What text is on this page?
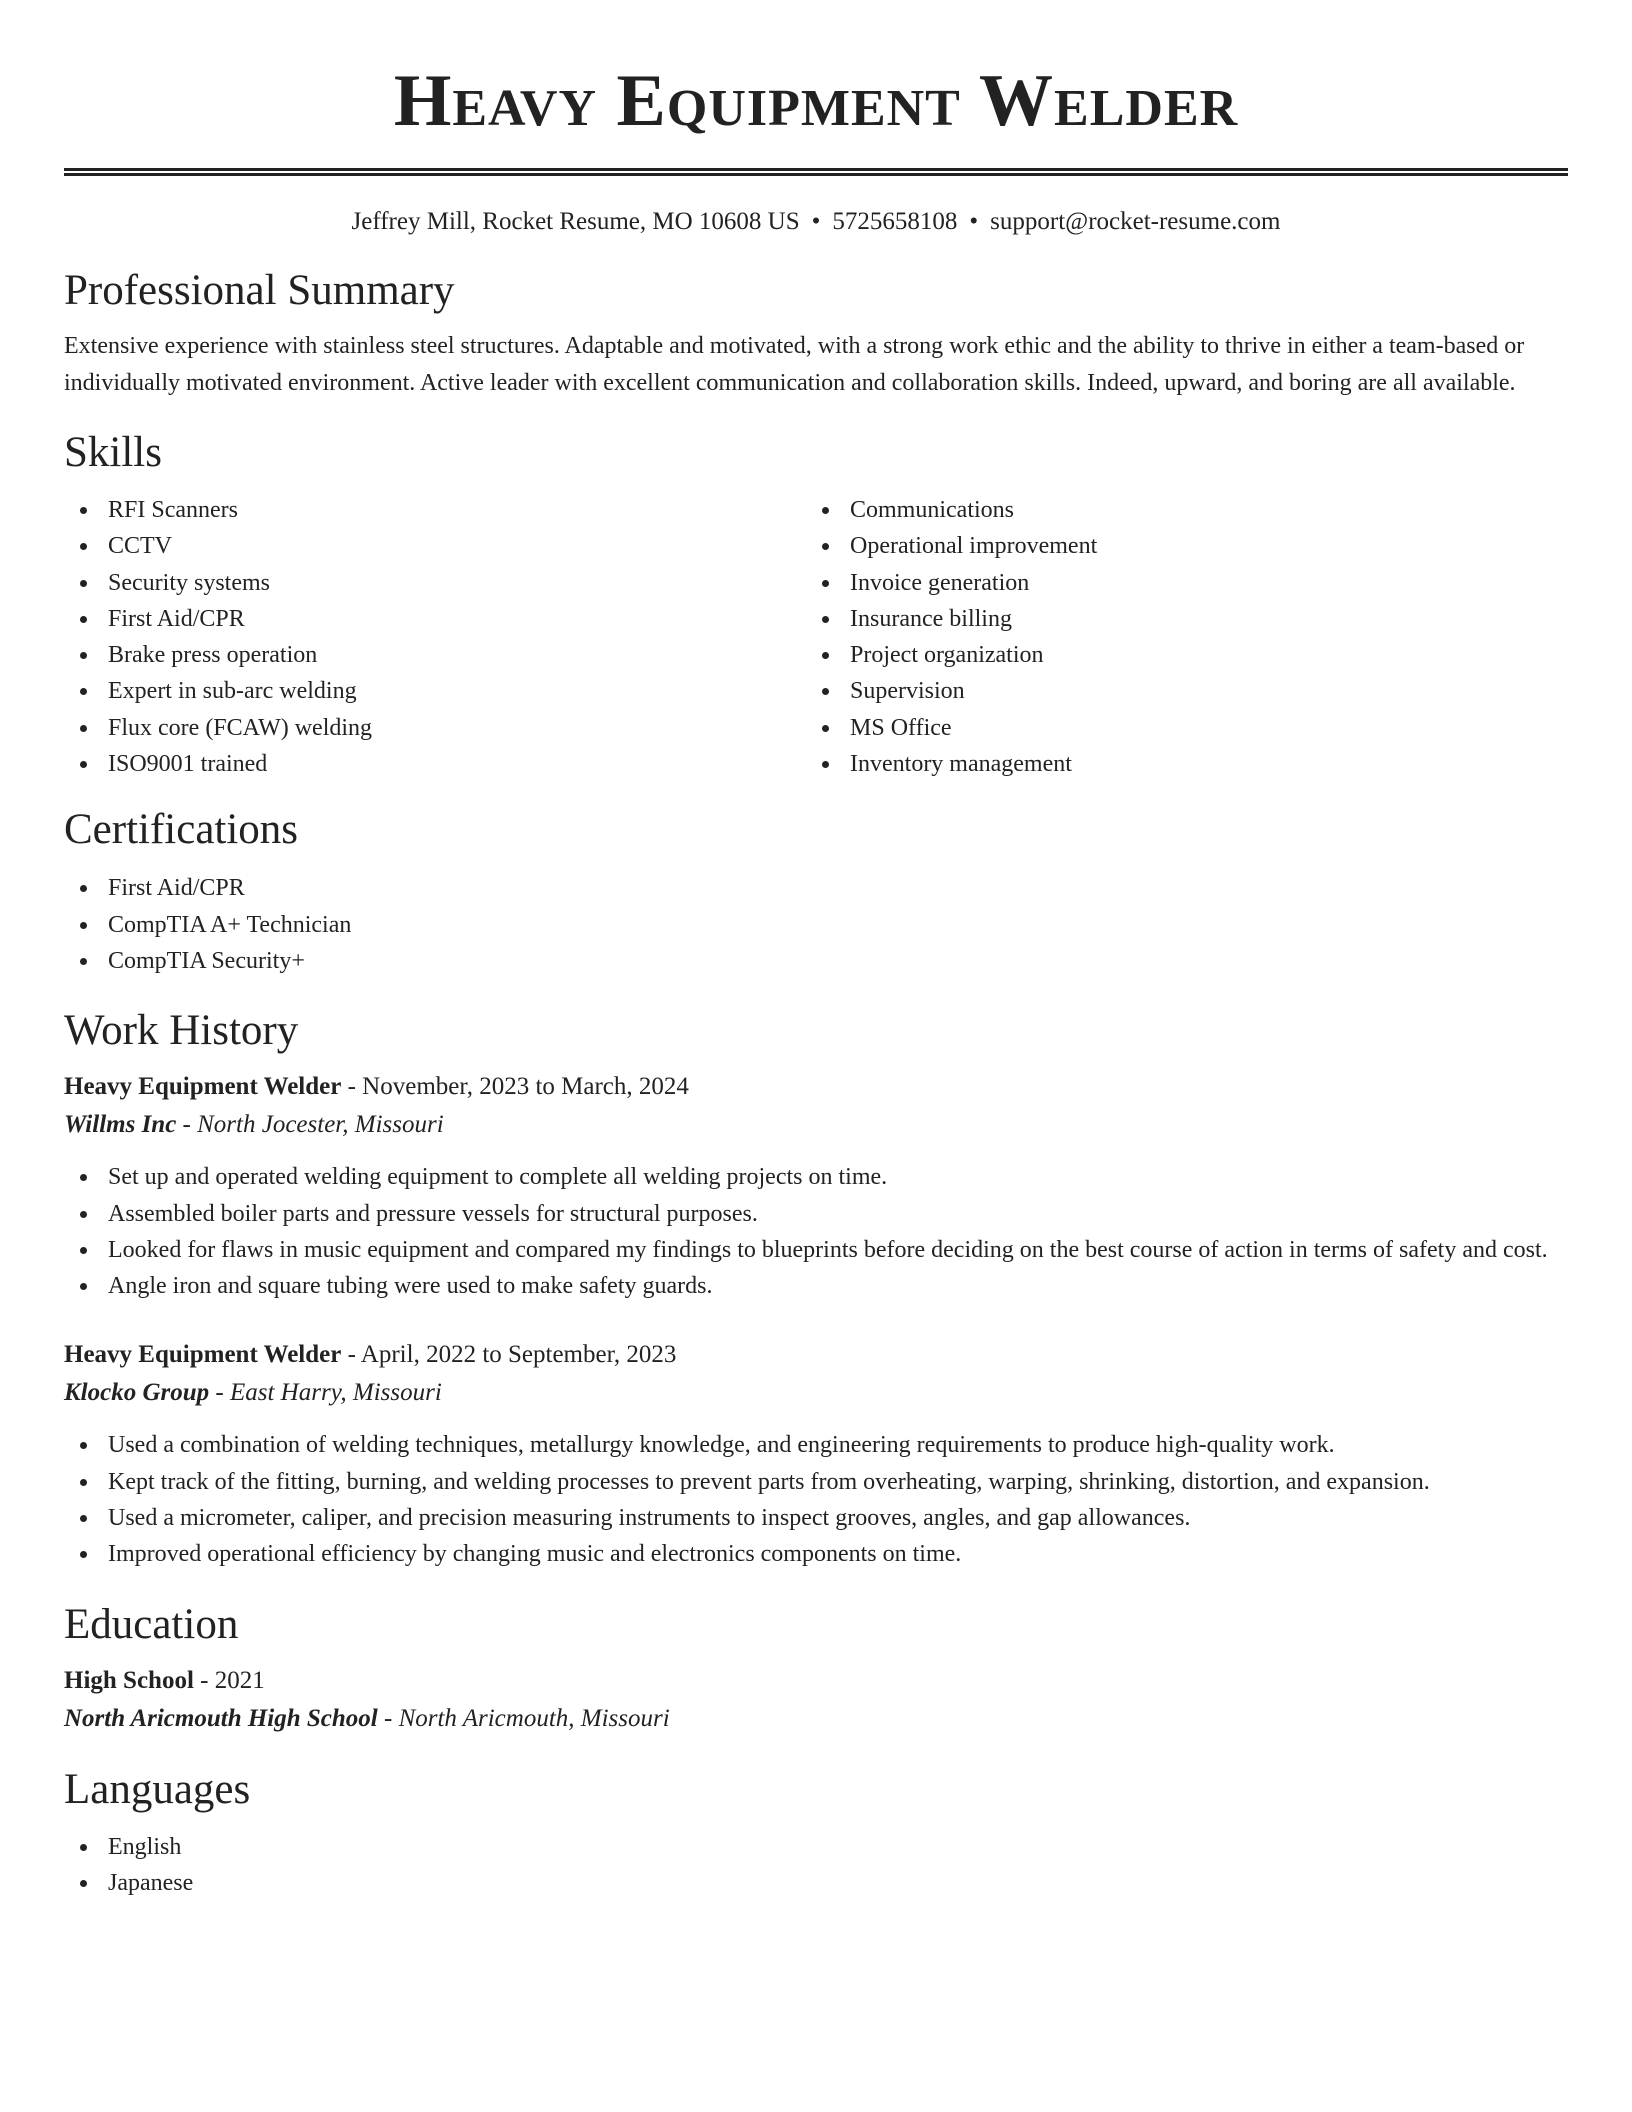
Heavy Equipment Welder
Jeffrey Mill, Rocket Resume, MO 10608 US • 5725658108 • support@rocket-resume.com
Professional Summary

Extensive experience with stainless steel structures. Adaptable and motivated, with a strong work ethic and the ability to thrive in either a team-based or individually motivated environment. Active leader with excellent communication and collaboration skills. Indeed, upward, and boring are all available.

Skills
RFI Scanners
CCTV
Security systems
First Aid/CPR
Brake press operation
Expert in sub-arc welding
Flux core (FCAW) welding
ISO9001 trained
Communications
Operational improvement
Invoice generation
Insurance billing
Project organization
Supervision
MS Office
Inventory management
Certifications
First Aid/CPR
CompTIA A+ Technician
CompTIA Security+
Work History
Heavy Equipment Welder - November, 2023 to March, 2024
Willms Inc - North Jocester, Missouri
Set up and operated welding equipment to complete all welding projects on time.
Assembled boiler parts and pressure vessels for structural purposes.
Looked for flaws in music equipment and compared my findings to blueprints before deciding on the best course of action in terms of safety and cost.
Angle iron and square tubing were used to make safety guards.
Heavy Equipment Welder - April, 2022 to September, 2023
Klocko Group - East Harry, Missouri
Used a combination of welding techniques, metallurgy knowledge, and engineering requirements to produce high-quality work.
Kept track of the fitting, burning, and welding processes to prevent parts from overheating, warping, shrinking, distortion, and expansion.
Used a micrometer, caliper, and precision measuring instruments to inspect grooves, angles, and gap allowances.
Improved operational efficiency by changing music and electronics components on time.
Education
High School - 2021
North Aricmouth High School - North Aricmouth, Missouri
Languages
English
Japanese
